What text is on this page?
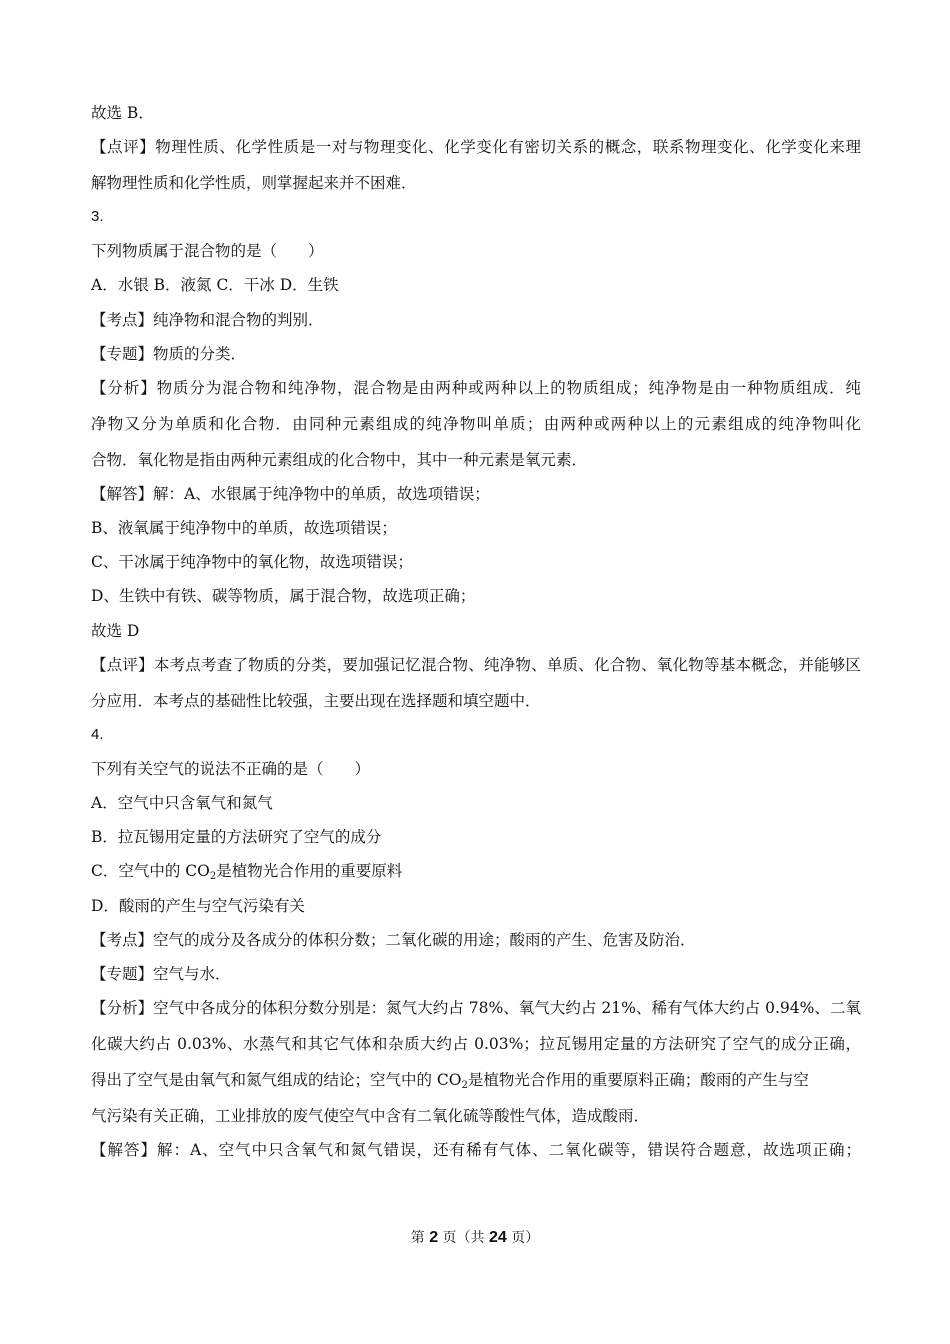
故选 B．
【点评】物理性质、化学性质是一对与物理变化、化学变化有密切关系的概念，联系物理变化、化学变化来理
解物理性质和化学性质，则掌握起来并不困难．
3.
下列物质属于混合物的是（　　）
A．水银 B．液氮 C．干冰 D．生铁
【考点】纯净物和混合物的判别．
【专题】物质的分类．
【分析】物质分为混合物和纯净物，混合物是由两种或两种以上的物质组成；纯净物是由一种物质组成．纯
净物又分为单质和化合物．由同种元素组成的纯净物叫单质；由两种或两种以上的元素组成的纯净物叫化
合物．氧化物是指由两种元素组成的化合物中，其中一种元素是氧元素．
【解答】解：A、水银属于纯净物中的单质，故选项错误；
B、液氧属于纯净物中的单质，故选项错误；
C、干冰属于纯净物中的氧化物，故选项错误；
D、生铁中有铁、碳等物质，属于混合物，故选项正确；
故选 D
【点评】本考点考查了物质的分类，要加强记忆混合物、纯净物、单质、化合物、氧化物等基本概念，并能够区
分应用．本考点的基础性比较强，主要出现在选择题和填空题中．
4.
下列有关空气的说法不正确的是（　　）
A．空气中只含氧气和氮气
B．拉瓦锡用定量的方法研究了空气的成分
C．空气中的 $CO_2$是植物光合作用的重要原料
D．酸雨的产生与空气污染有关
【考点】空气的成分及各成分的体积分数；二氧化碳的用途；酸雨的产生、危害及防治．
【专题】空气与水．
【分析】空气中各成分的体积分数分别是：氮气大约占 78%、氧气大约占 21%、稀有气体大约占 0.94%、二氧
化碳大约占 0.03%、水蒸气和其它气体和杂质大约占 0.03%；拉瓦锡用定量的方法研究了空气的成分正确，
得出了空气是由氧气和氮气组成的结论；空气中的 $CO_2$是植物光合作用的重要原料正确；酸雨的产生与空
气污染有关正确，工业排放的废气使空气中含有二氧化硫等酸性气体，造成酸雨．
【解答】解：A、空气中只含氧气和氮气错误，还有稀有气体、二氧化碳等，错误符合题意，故选项正确；
第 2 页（共 24 页）
